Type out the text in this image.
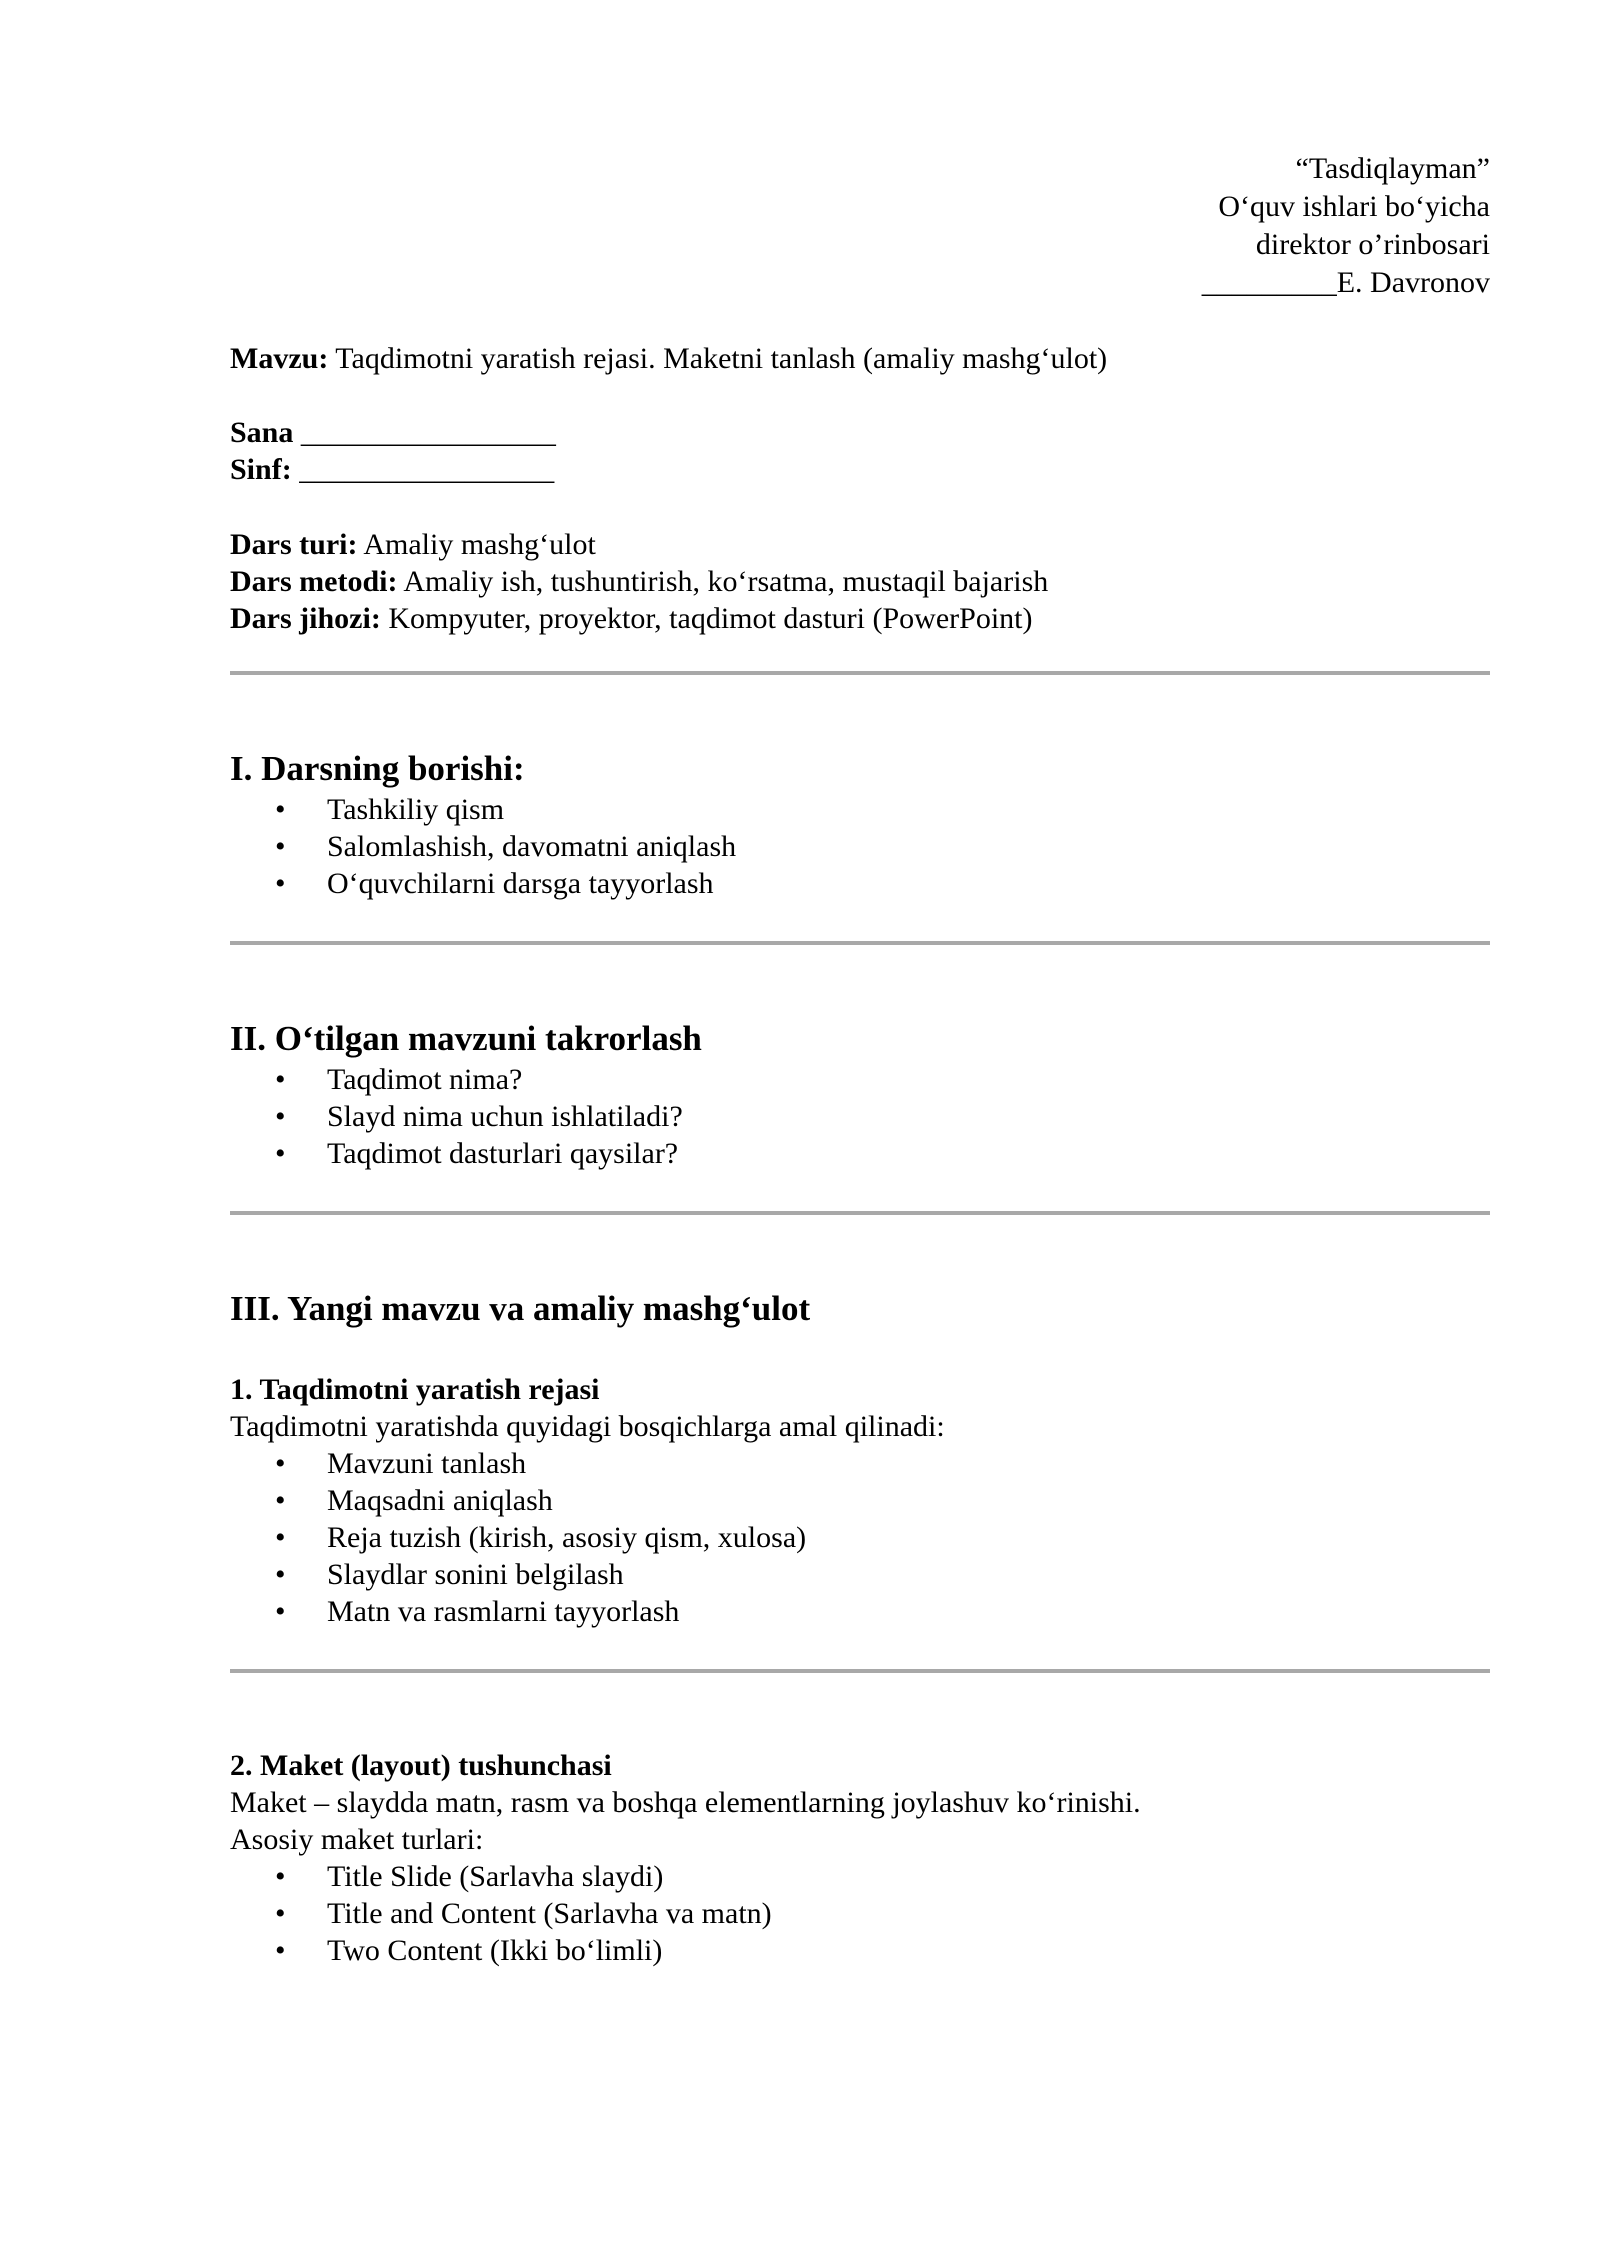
“Tasdiqlayman”
O‘quv ishlari bo‘yicha
direktor o’rinbosari
_________E. Davronov
Mavzu: Taqdimotni yaratish rejasi. Maketni tanlash (amaliy mashg‘ulot)
Sana _________________
Sinf: _________________
Dars turi: Amaliy mashg‘ulot
Dars metodi: Amaliy ish, tushuntirish, ko‘rsatma, mustaqil bajarish
Dars jihozi: Kompyuter, proyektor, taqdimot dasturi (PowerPoint)
I. Darsning borishi:
• Tashkiliy qism
• Salomlashish, davomatni aniqlash
• O‘quvchilarni darsga tayyorlash
II. O‘tilgan mavzuni takrorlash
• Taqdimot nima?
• Slayd nima uchun ishlatiladi?
• Taqdimot dasturlari qaysilar?
III. Yangi mavzu va amaliy mashg‘ulot
1. Taqdimotni yaratish rejasi
Taqdimotni yaratishda quyidagi bosqichlarga amal qilinadi:
• Mavzuni tanlash
• Maqsadni aniqlash
• Reja tuzish (kirish, asosiy qism, xulosa)
• Slaydlar sonini belgilash
• Matn va rasmlarni tayyorlash
2. Maket (layout) tushunchasi
Maket – slaydda matn, rasm va boshqa elementlarning joylashuv ko‘rinishi.
Asosiy maket turlari:
• Title Slide (Sarlavha slaydi)
• Title and Content (Sarlavha va matn)
• Two Content (Ikki bo‘limli)
